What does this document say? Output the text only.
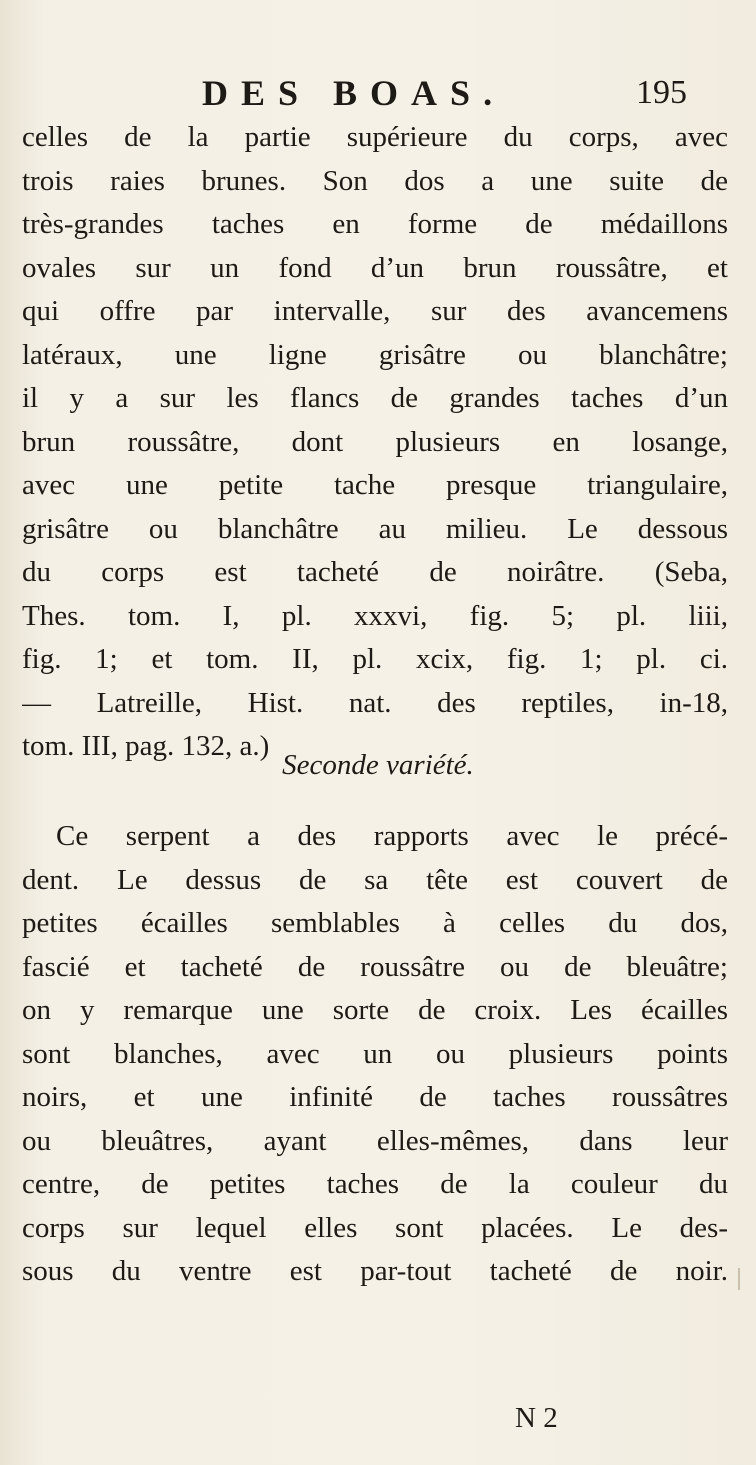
DES BOAS.	195
celles de la partie supérieure du corps, avec
trois raies brunes. Son dos a une suite de
très-grandes taches en forme de médaillons
ovales sur un fond d’un brun roussâtre, et
qui offre par intervalle, sur des avancemens
latéraux, une ligne grisâtre ou blanchâtre;
il y a sur les flancs de grandes taches d’un
brun roussâtre, dont plusieurs en losange,
avec une petite tache presque triangulaire,
grisâtre ou blanchâtre au milieu. Le dessous
du corps est tacheté de noirâtre. (Seba,
Thes. tom. I, pl. xxxvi, fig. 5; pl. liii,
fig. 1; et tom. II, pl. xcix, fig. 1; pl. ci.
— Latreille, Hist. nat. des reptiles, in-18,
tom. III, pag. 132, a.)
Seconde variété.
Ce serpent a des rapports avec le précé-
dent. Le dessus de sa tête est couvert de
petites écailles semblables à celles du dos,
fascié et tacheté de roussâtre ou de bleuâtre;
on y remarque une sorte de croix. Les écailles
sont blanches, avec un ou plusieurs points
noirs, et une infinité de taches roussâtres
ou bleuâtres, ayant elles-mêmes, dans leur
centre, de petites taches de la couleur du
corps sur lequel elles sont placées. Le des-
sous du ventre est par-tout tacheté de noir.
N 2
